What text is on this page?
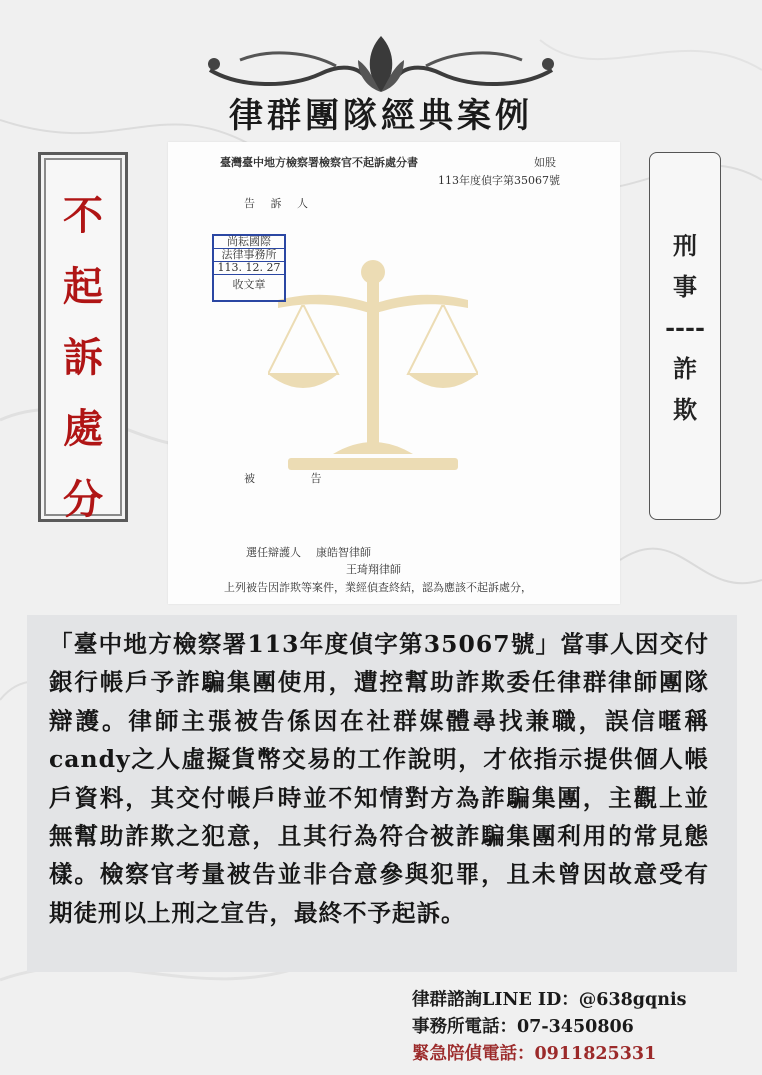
律群團隊經典案例
不
起
訴
處
分
刑
事
----
詐
欺
臺灣臺中地方檢察署檢察官不起訴處分書	如股
113年度偵字第35067號
告 訴 人
尚耘國際
法律事務所
113. 12. 27
收文章
被 告
選任辯護人 康皓智律師
王琦翔律師
上列被告因詐欺等案件，業經偵查終結，認為應該不起訴處分，
「臺中地方檢察署113年度偵字第35067號」當事人因交付銀行帳戶予詐騙集團使用，遭控幫助詐欺委任律群律師團隊辯護。律師主張被告係因在社群媒體尋找兼職，誤信暱稱candy之人虛擬貨幣交易的工作說明，才依指示提供個人帳戶資料，其交付帳戶時並不知情對方為詐騙集團，主觀上並無幫助詐欺之犯意，且其行為符合被詐騙集團利用的常見態樣。檢察官考量被告並非合意參與犯罪，且未曾因故意受有期徒刑以上刑之宣告，最終不予起訴。
律群諮詢LINE ID：@638gqnis
事務所電話：07-3450806
緊急陪偵電話：0911825331
